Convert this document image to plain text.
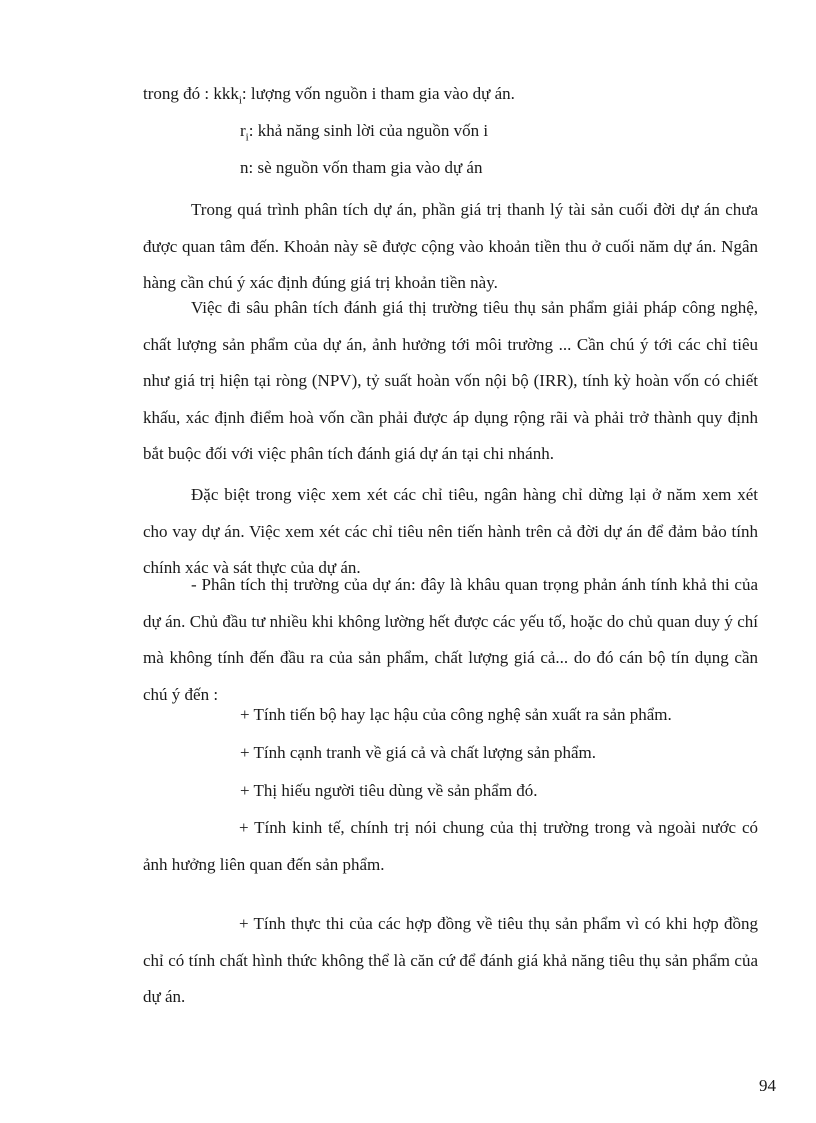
trong đó : kkk$_i$: lượng vốn nguồn i tham gia vào dự án.
$r_i$: khả năng sinh lời của nguồn vốn i
n: sè nguồn vốn tham gia vào dự án

Trong quá trình phân tích dự án, phần giá trị thanh lý tài sản cuối đời dự án chưa được quan tâm đến. Khoản này sẽ được cộng vào khoản tiền thu ở cuối năm dự án. Ngân hàng cần chú ý xác định đúng giá trị khoản tiền này.

Việc đi sâu phân tích đánh giá thị trường tiêu thụ sản phẩm giải pháp công nghệ, chất lượng sản phẩm của dự án, ảnh hưởng tới môi trường ... Cần chú ý tới các chỉ tiêu như giá trị hiện tại ròng (NPV), tỷ suất hoàn vốn nội bộ (IRR), tính kỳ hoàn vốn có chiết khấu, xác định điểm hoà vốn cần phải được áp dụng rộng rãi và phải trở thành quy định bắt buộc đối với việc phân tích đánh giá dự án tại chi nhánh.

Đặc biệt trong việc xem xét các chỉ tiêu, ngân hàng chỉ dừng lại ở năm xem xét cho vay dự án. Việc xem xét các chỉ tiêu nên tiến hành trên cả đời dự án để đảm bảo tính chính xác và sát thực của dự án.

- Phân tích thị trường của dự án: đây là khâu quan trọng phản ánh tính khả thi của dự án. Chủ đầu tư nhiều khi không lường hết được các yếu tố, hoặc do chủ quan duy ý chí mà không tính đến đầu ra của sản phẩm, chất lượng giá cả... do đó cán bộ tín dụng cần chú ý đến :

+ Tính tiến bộ hay lạc hậu của công nghệ sản xuất ra sản phẩm.
+ Tính cạnh tranh về giá cả và chất lượng sản phẩm.
+ Thị hiếu người tiêu dùng về sản phẩm đó.

+ Tính kinh tế, chính trị nói chung của thị trường trong và ngoài nước có ảnh hưởng liên quan đến sản phẩm.

+ Tính thực thi của các hợp đồng về tiêu thụ sản phẩm vì có khi hợp đồng chỉ có tính chất hình thức không thể là căn cứ để đánh giá khả năng tiêu thụ sản phẩm của dự án.

94
